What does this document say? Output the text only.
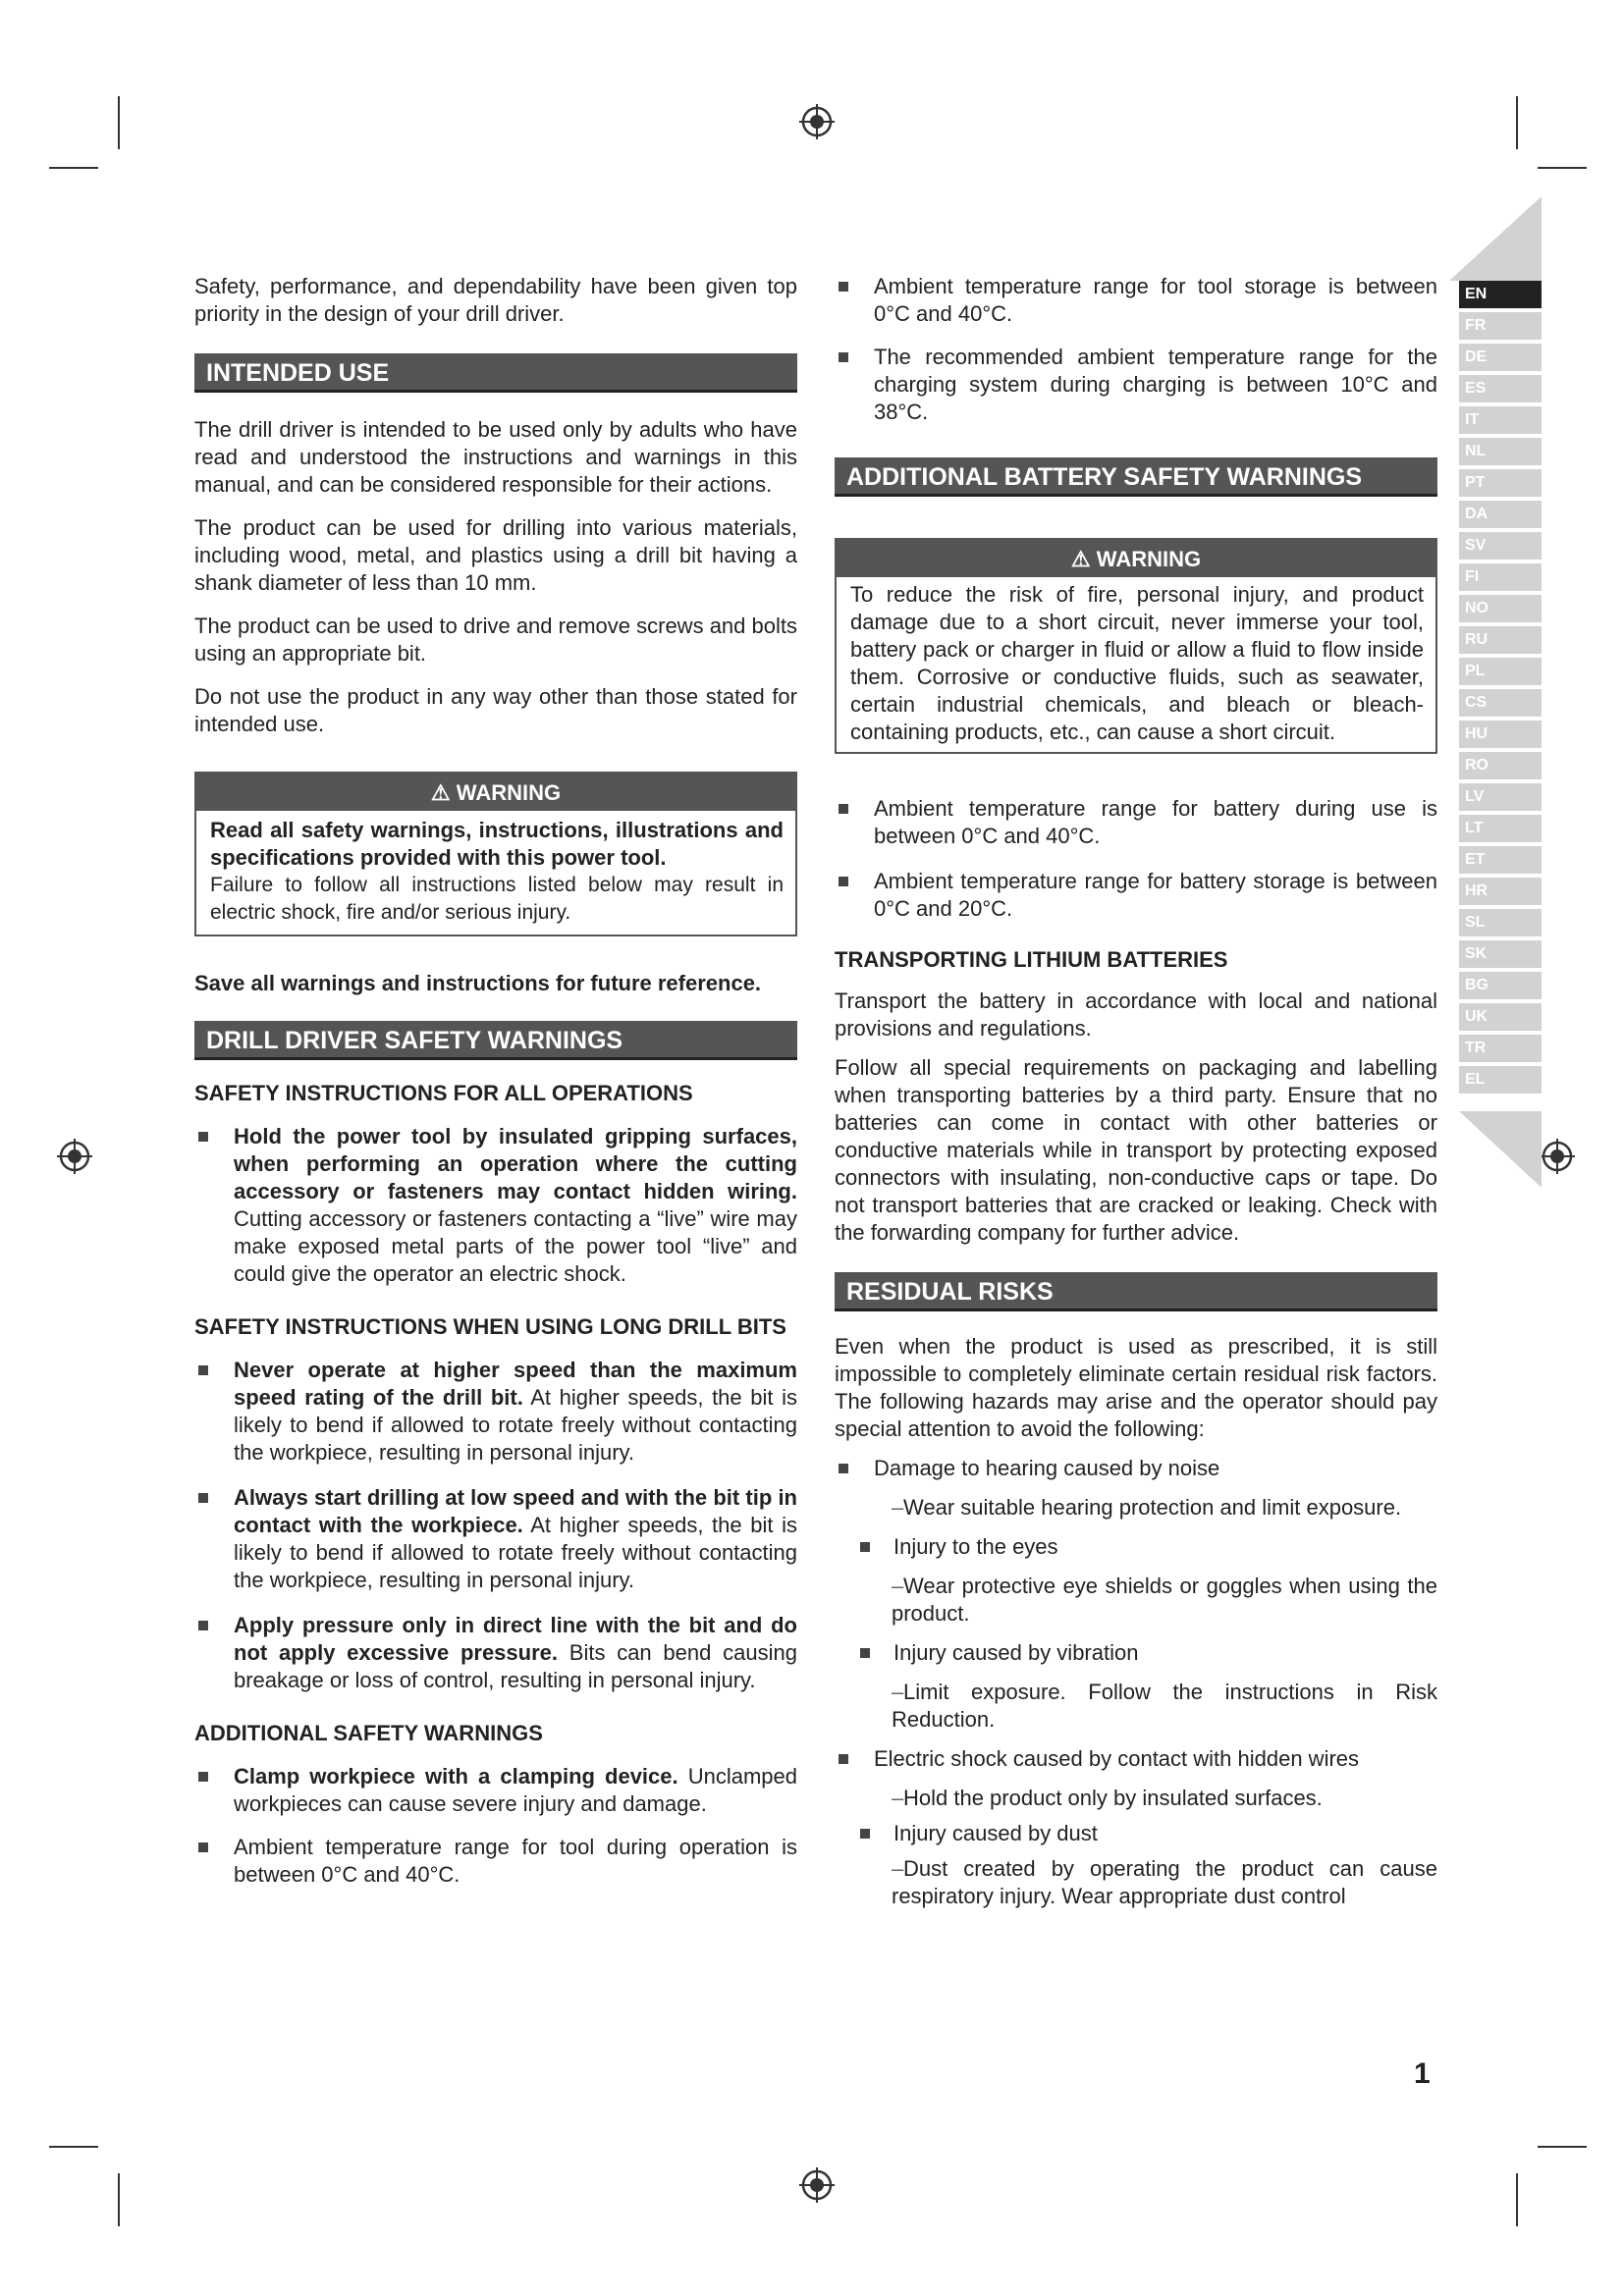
EN
FR
DE
ES
IT
NL
PT
DA
SV
FI
NO
RU
PL
CS
HU
RO
LV
LT
ET
HR
SL
SK
BG
UK
TR
EL

Safety, performance, and dependability have been given top priority in the design of your drill driver.

INTENDED USE

The drill driver is intended to be used only by adults who have read and understood the instructions and warnings in this manual, and can be considered responsible for their actions.

The product can be used for drilling into various materials, including wood, metal, and plastics using a drill bit having a shank diameter of less than 10 mm.

The product can be used to drive and remove screws and bolts using an appropriate bit.

Do not use the product in any way other than those stated for intended use.

⚠ WARNING

Read all safety warnings, instructions, illustrations and specifications provided with this power tool.

Failure to follow all instructions listed below may result in electric shock, fire and/or serious injury.

Save all warnings and instructions for future reference.

DRILL DRIVER SAFETY WARNINGS

SAFETY INSTRUCTIONS FOR ALL OPERATIONS

Hold the power tool by insulated gripping surfaces, when performing an operation where the cutting accessory or fasteners may contact hidden wiring. Cutting accessory or fasteners contacting a “live” wire may make exposed metal parts of the power tool “live” and could give the operator an electric shock.

SAFETY INSTRUCTIONS WHEN USING LONG DRILL BITS

Never operate at higher speed than the maximum speed rating of the drill bit. At higher speeds, the bit is likely to bend if allowed to rotate freely without contacting the workpiece, resulting in personal injury.

Always start drilling at low speed and with the bit tip in contact with the workpiece. At higher speeds, the bit is likely to bend if allowed to rotate freely without contacting the workpiece, resulting in personal injury.

Apply pressure only in direct line with the bit and do not apply excessive pressure. Bits can bend causing breakage or loss of control, resulting in personal injury.

ADDITIONAL SAFETY WARNINGS

Clamp workpiece with a clamping device. Unclamped workpieces can cause severe injury and damage.

Ambient temperature range for tool during operation is between 0°C and 40°C.

Ambient temperature range for tool storage is between 0°C and 40°C.

The recommended ambient temperature range for the charging system during charging is between 10°C and 38°C.

ADDITIONAL BATTERY SAFETY WARNINGS
⚠ WARNING

To reduce the risk of fire, personal injury, and product damage due to a short circuit, never immerse your tool, battery pack or charger in fluid or allow a fluid to flow inside them. Corrosive or conductive fluids, such as seawater, certain industrial chemicals, and bleach or bleach-containing products, etc., can cause a short circuit.

Ambient temperature range for battery during use is between 0°C and 40°C.

Ambient temperature range for battery storage is between 0°C and 20°C.

TRANSPORTING LITHIUM BATTERIES

Transport the battery in accordance with local and national provisions and regulations.

Follow all special requirements on packaging and labelling when transporting batteries by a third party. Ensure that no batteries can come in contact with other batteries or conductive materials while in transport by protecting exposed connectors with insulating, non-conductive caps or tape. Do not transport batteries that are cracked or leaking. Check with the forwarding company for further advice.

RESIDUAL RISKS

Even when the product is used as prescribed, it is still impossible to completely eliminate certain residual risk factors. The following hazards may arise and the operator should pay special attention to avoid the following:

Damage to hearing caused by noise

–Wear suitable hearing protection and limit exposure.

Injury to the eyes

–Wear protective eye shields or goggles when using the product.

Injury caused by vibration

–Limit exposure. Follow the instructions in Risk Reduction.

Electric shock caused by contact with hidden wires

–Hold the product only by insulated surfaces.

Injury caused by dust

–Dust created by operating the product can cause respiratory injury. Wear appropriate dust control

1
